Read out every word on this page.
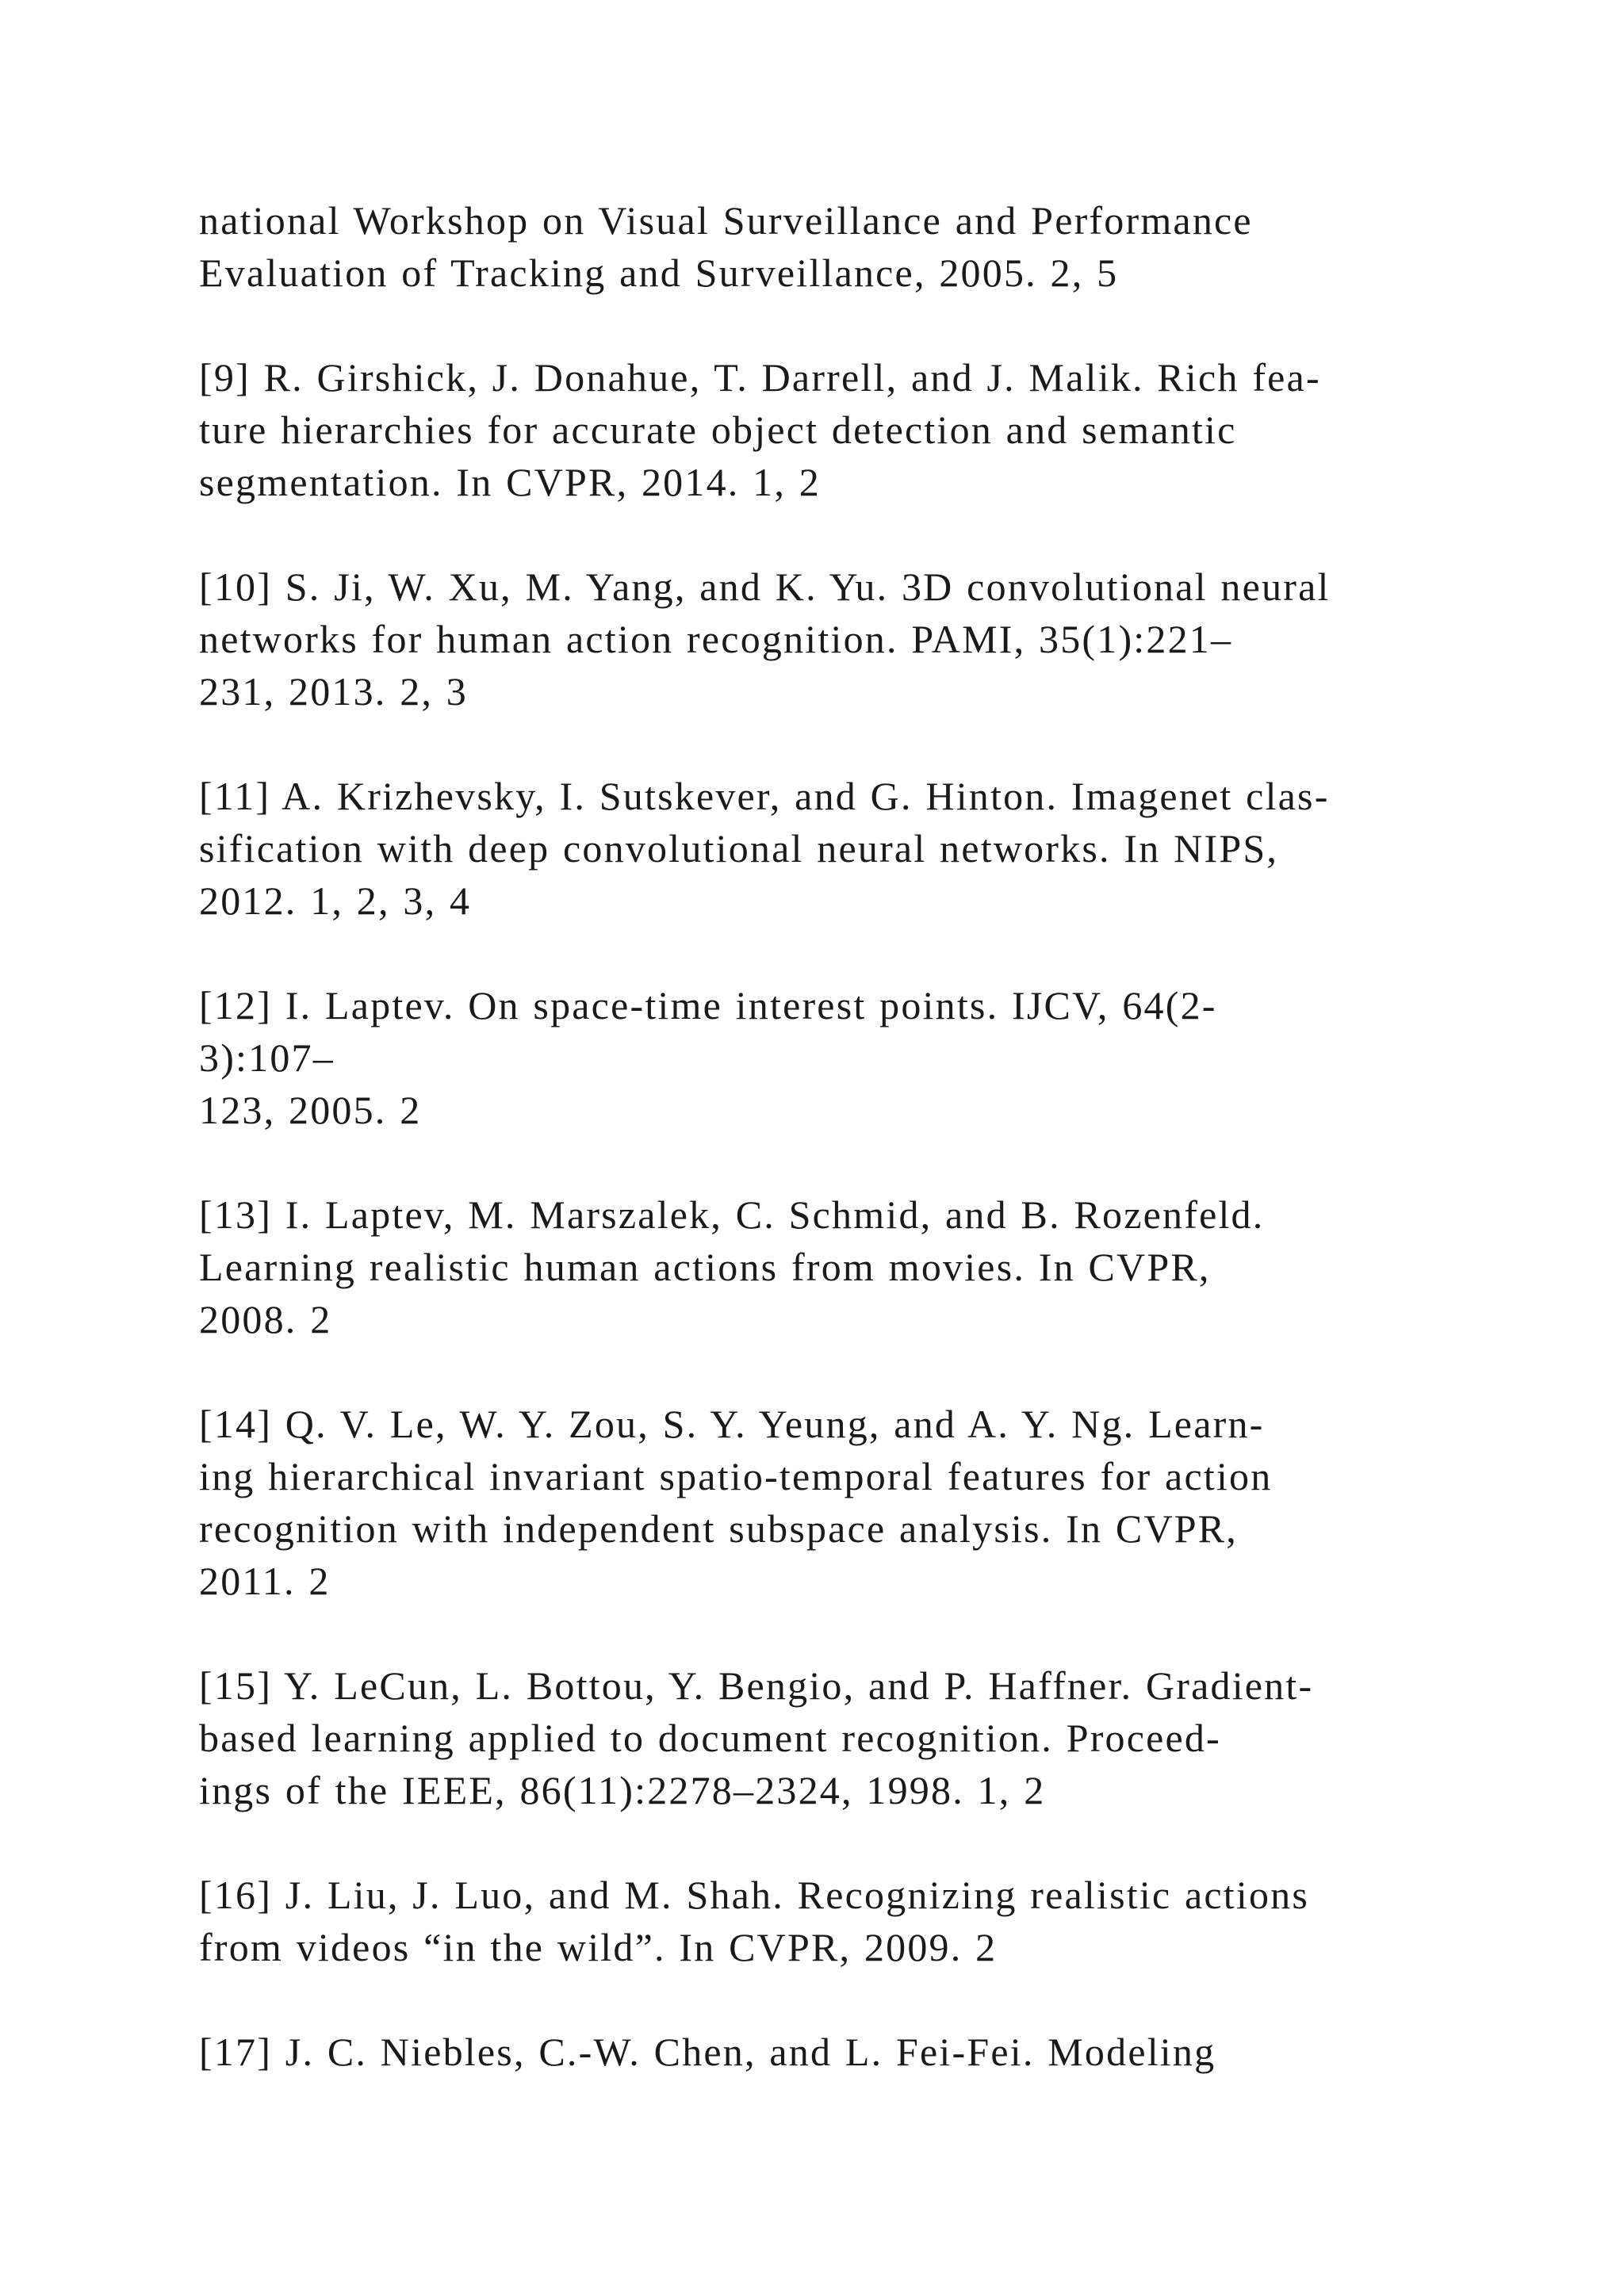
national Workshop on Visual Surveillance and Performance
Evaluation of Tracking and Surveillance, 2005. 2, 5
[9] R. Girshick, J. Donahue, T. Darrell, and J. Malik. Rich fea-
ture hierarchies for accurate object detection and semantic
segmentation. In CVPR, 2014. 1, 2
[10] S. Ji, W. Xu, M. Yang, and K. Yu. 3D convolutional neural
networks for human action recognition. PAMI, 35(1):221–
231, 2013. 2, 3
[11] A. Krizhevsky, I. Sutskever, and G. Hinton. Imagenet clas-
sification with deep convolutional neural networks. In NIPS,
2012. 1, 2, 3, 4
[12] I. Laptev. On space-time interest points. IJCV, 64(2-
3):107–
123, 2005. 2
[13] I. Laptev, M. Marszalek, C. Schmid, and B. Rozenfeld.
Learning realistic human actions from movies. In CVPR,
2008. 2
[14] Q. V. Le, W. Y. Zou, S. Y. Yeung, and A. Y. Ng. Learn-
ing hierarchical invariant spatio-temporal features for action
recognition with independent subspace analysis. In CVPR,
2011. 2
[15] Y. LeCun, L. Bottou, Y. Bengio, and P. Haffner. Gradient-
based learning applied to document recognition. Proceed-
ings of the IEEE, 86(11):2278–2324, 1998. 1, 2
[16] J. Liu, J. Luo, and M. Shah. Recognizing realistic actions
from videos “in the wild”. In CVPR, 2009. 2
[17] J. C. Niebles, C.-W. Chen, and L. Fei-Fei. Modeling
